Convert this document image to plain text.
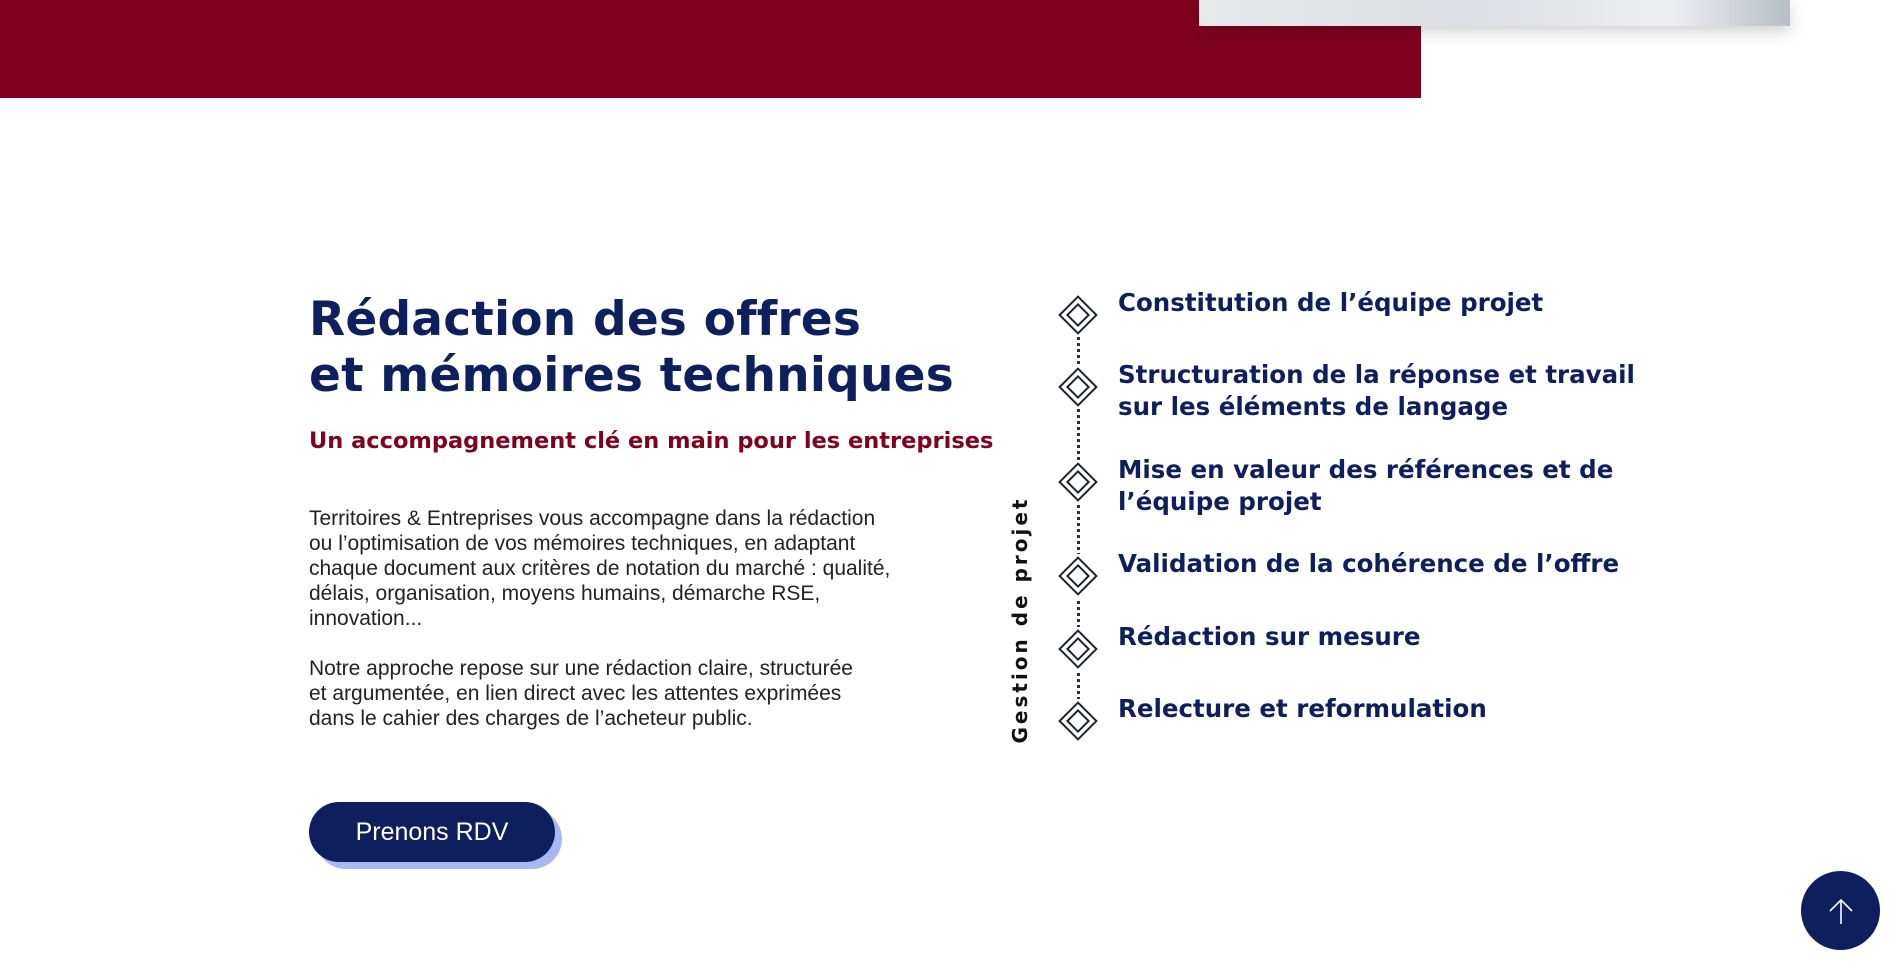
Rédaction des offres
et mémoires techniques

Un accompagnement clé en main pour les entreprises

Territoires & Entreprises vous accompagne dans la rédaction
ou l’optimisation de vos mémoires techniques, en adaptant
chaque document aux critères de notation du marché : qualité,
délais, organisation, moyens humains, démarche RSE,
innovation...

Notre approche repose sur une rédaction claire, structurée
et argumentée, en lien direct avec les attentes exprimées
dans le cahier des charges de l’acheteur public.

Prenons RDV
Gestion de projet
Constitution de l’équipe projet
Structuration de la réponse et travail
sur les éléments de langage
Mise en valeur des références et de
l’équipe projet
Validation de la cohérence de l’offre
Rédaction sur mesure
Relecture et reformulation
